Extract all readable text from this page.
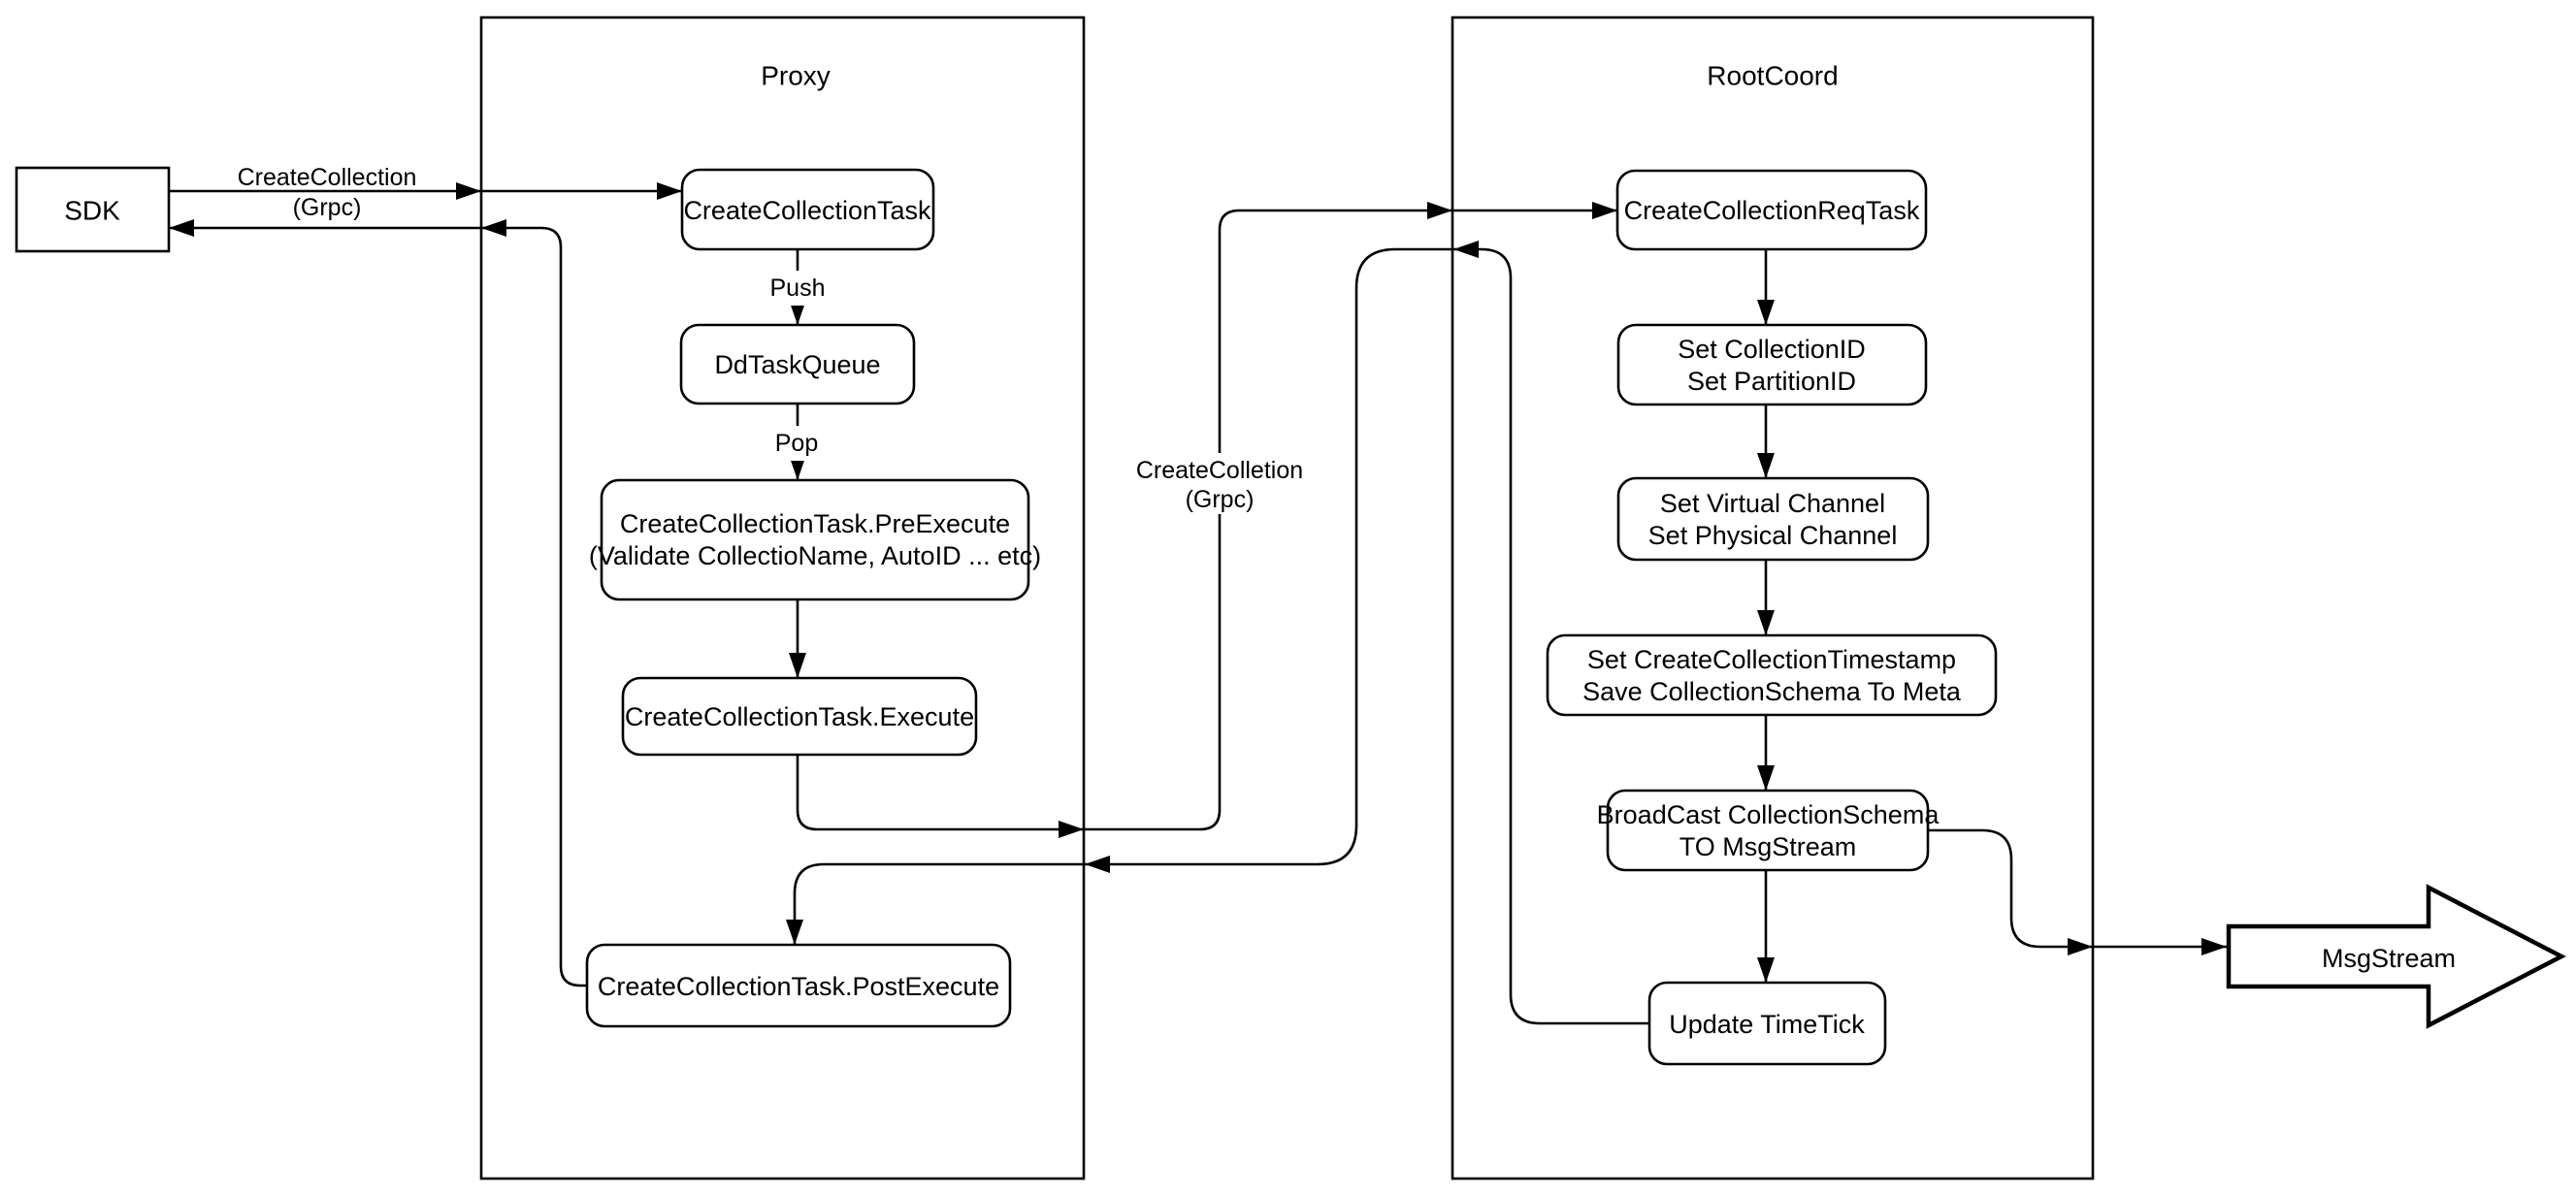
Proxy	RootCoord
CreateCollection
(Grpc)
Push
Pop
CreateColletion
(Grpc)
SDK	CreateCollectionTask
DdTaskQueue
CreateCollectionTask.PreExecute
(Validate CollectioName, AutoID ... etc)
CreateCollectionTask.Execute
CreateCollectionTask.PostExecute
CreateCollectionReqTask
Set CollectionID
Set PartitionID
Set Virtual Channel
Set Physical Channel
Set CreateCollectionTimestamp
Save CollectionSchema To Meta
BroadCast CollectionSchema
TO MsgStream
Update TimeTick
MsgStream
